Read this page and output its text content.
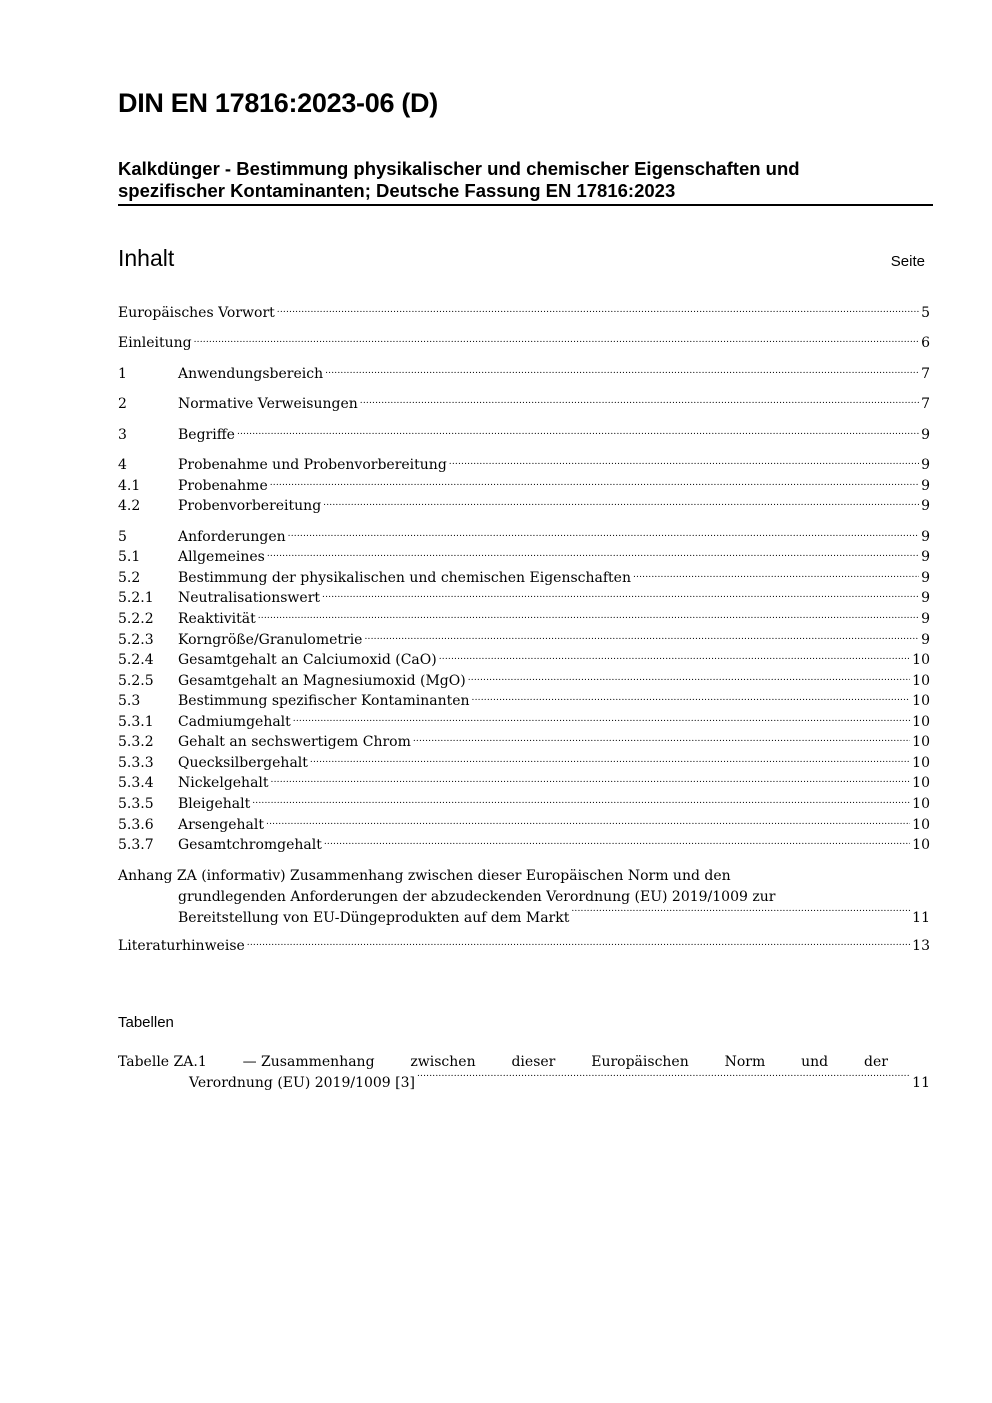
DIN EN 17816:2023-06 (D)
Kalkdünger - Bestimmung physikalischer und chemischer Eigenschaften und
spezifischer Kontaminanten; Deutsche Fassung EN 17816:2023
Inhalt	Seite
Europäisches Vorwort .....	5
Einleitung .....	6
1	Anwendungsbereich .....	7
2	Normative Verweisungen .....	7
3	Begriffe .....	9
4	Probenahme und Probenvorbereitung .....	9
4.1	Probenahme .....	9
4.2	Probenvorbereitung .....	9
5	Anforderungen .....	9
5.1	Allgemeines .....	9
5.2	Bestimmung der physikalischen und chemischen Eigenschaften .....	9
5.2.1	Neutralisationswert .....	9
5.2.2	Reaktivität .....	9
5.2.3	Korngröße/Granulometrie .....	9
5.2.4	Gesamtgehalt an Calciumoxid (CaO) .....	10
5.2.5	Gesamtgehalt an Magnesiumoxid (MgO) .....	10
5.3	Bestimmung spezifischer Kontaminanten .....	10
5.3.1	Cadmiumgehalt .....	10
5.3.2	Gehalt an sechswertigem Chrom .....	10
5.3.3	Quecksilbergehalt .....	10
5.3.4	Nickelgehalt .....	10
5.3.5	Bleigehalt .....	10
5.3.6	Arsengehalt .....	10
5.3.7	Gesamtchromgehalt .....	10
Anhang ZA (informativ) Zusammenhang zwischen dieser Europäischen Norm und den
grundlegenden Anforderungen der abzudeckenden Verordnung (EU) 2019/1009 zur
Bereitstellung von EU-Düngeprodukten auf dem Markt .....	11
Literaturhinweise .....	13
Tabellen
Tabelle ZA.1	— Zusammenhang	zwischen	dieser	Europäischen	Norm	und	der
Verordnung (EU) 2019/1009 [3] .....	11
